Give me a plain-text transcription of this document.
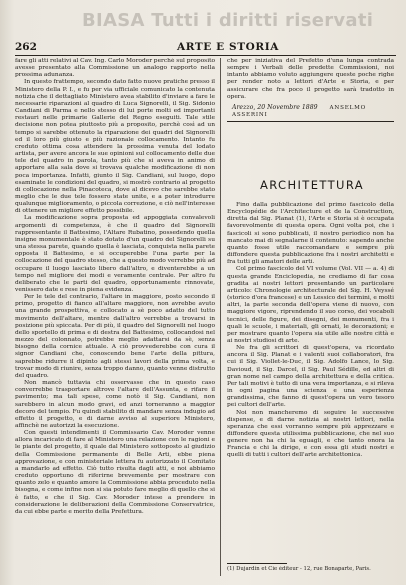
BIASA Tutti i diritti riservati
262	ARTE E STORIA

fare gli atti relativi al Cav. Ing. Carlo Moroder perchè sul proposito avesse presentato alla Commissione un analogo rapporto nella prossima adunanza.

In questo frattempo, secondo dato fatto nuove pratiche presso il Ministero della P. I., e fu per via ufficiale comunicato la contenuta notizia che il dettagliato Ministero avea stabilito d'inviare a fare le necessarie riparazioni al quadro di Luca Signorelli, il Sig. Sidonio Candiani di Parma e nello stesso di lui porte molti ed importanti restauri nelle primarie Gallerie del Regno eseguiti. Tale stile decisione non potea piuttosto più a proposito, perchè così ad un tempo si sarebbe ottenuto la riparazione dei quadri del Signorelli ed il loro più giusto e più razionale collocamento. Intanto fu creduto ottima cosa attendere la prossima venuta del lodato artista, per avere ancora le sue opinioni sul collocamento delle due tele del quadro in parola, tanto più che si aveva in animo di apportare alla sala dove si trovava qualche modificazione di non poca importanza. Infatti, giunto il Sig. Candiani, sul luogo, dopo esaminate le condizioni del quadro, si mostrò contrario al progetto di collocazione nella Pinacoteca, dove al dicevo che sarebbe stato meglio che le due tele fossero state unite, e a poter introdurre qualunque miglioramento, o piccola correzione, e ciò nell'interesse di ottenere un migliore effetto possibile.

La modificazione sopra proposta ed appoggiata convalevoli argomenti di competenza, è che il quadro del Signorelli rappresentante il Battesimo, l'Altare Rubatino, possedendo quella insigne monumentale è stato dotato d'un quadro del Signorelli su una stessa parete, quando quella è lasciata, conquista nella parete opposta il Battesimo, e si occuperebbe l'una parte per la collocazione del quadro stesso, che a questo modo verrebbe più ad occupare il luogo lasciato libero dall'altro, e diventerebbe a un tempo nel migliore dei modi e veramente centrale. Per altro fu deliberato che le parti del quadro, opportunamente rinnovate, venissero date e rese in piena evidenza.

Per le tele del contrario, l'altare in maggiore, posto secondo il primo, progetto di fianco all'altare maggiore, non avrebbe avuto una grande prospettiva, e collocato a sè poco adatto del tutto movimento dell'altare, mentre dall'altro verrebbe a trovarsi in posizione più spiccata. Per di più, il quadro del Signorelli nel luogo dello sportello di prima e di destra del Battesimo, collocandosi nel mezzo del colonnato, potrebbe meglio adattarsi da sè, senza bisogno della cornice attuale. A ciò provvederebbe con cura il signor Candiani che, conoscendo bene l'arte della pittura, saprebbe ridurre il dipinto agli stessi lavori della prima volta, e trovar modo di riunire, senza troppo danno, quanto venne distrutto del quadro.

Non mancò tuttavia chi osservasse che in questo caso converrebbe trasportare altrove l'altare dell'Assunta, e rifare il pavimento; ma tali spese, come notò il Sig. Candiani, non sarebbero in alcun modo gravi, ed anzi torneranno a maggior decoro del tempio. Fu quindi stabilito di mandare senza indugio ad effetto il progetto, e di darne avviso al superiore Ministero, affinchè ne autorizzi la esecuzione.

Con questi intendimenti il Commissario Cav. Moroder venne allora incaricato di fare al Ministero una relazione con le ragioni e le piante del progetto, il quale dal Ministero sottoposto al giudizio della Commissione permanente di Belle Arti, ebbe piena approvazione, e con ministeriale lettera fu autorizzato il Comitato a mandarlo ad effetto. Ciò tutto risulta dagli atti, e noi abbiamo creduto opportuno di riferirne brevemente per mostrare con quanto zelo e quanto amore la Commissione abbia proceduto nella bisogna, e come infine non si sia potuto fare meglio di quello che si è fatto, e che il Sig. Cav. Moroder intese a prendere in considerazione le deliberazioni della Commissione Conservatrice, da cui ebbe parte e merito della Prefettura.

che per iniziativa del Prefetto d'una lunga contrada sempre i Verbali delle predette Commissioni, noi intanto abbiamo voluto aggiungere queste poche righe per render noto a lettori d'Arte e Storia, e per assicurare che fra poco il progetto sarà tradotto in opera.

Arezzo, 20 Novembre 1889 ANSELMO ASSERINI
ARCHITETTURA

Fino dalla pubblicazione del primo fascicolo della Encyclopédie de l'Architecture et de la Construction, diretta dal Sig. Planat (1), l'Arte e Storia si è occupata favorevolmente di questa opera. Ogni volta poi, che i fascicoli si sono pubblicati, il nostro periodico non ha mancato mai di segnalarne il contenuto: sapendo anche quanto fosse utile raccomandare e sempre più diffondere questa pubblicazione fra i nostri architetti e fra tutti gli amatori delle arti.

Col primo fascicolo del VI volume (Vol. VII — a. 4) di questa grande Enciclopedia, ne crediamo di far cosa gradita ai nostri lettori presentando un particolare articolo: Chronologie architecturale del Sig. H. Veyssé (storico d'ora francese) e un Lessico dei termini, e molti altri, la parte seconda dell'opera viene di nuovo, con maggiore vigore, riprendendo il suo corso, dei vocaboli tecnici, delle figure, dei disegni, dei monumenti, fra i quali le scuole, i materiali, gli ornati, le decorazioni; e per mostrare quanto l'opera sia utile alle nostre città e ai nostri studiosi di arte.

Ne fra gli scrittori di quest'opera, va ricordato ancora il Sig. Planat e i valenti suoi collaboratori, fra cui il Sig. Viollet-le-Duc, il Sig. Adolfo Lance, lo Sig. Davioud, il Sig. Darcel, il Sig. Paul Sédille, ed altri di gran nome nel campo della architettura e della critica. Per tali motivi è tutto di una vera importanza, e si rileva in ogni pagina una scienza e una esperienza grandissima, che fanno di quest'opera un vero tesoro pei cultori dell'arte.

Noi non mancheremo di seguire le successive dispense, e di darne notizia ai nostri lettori, nella speranza che essi vorranno sempre più apprezzare e diffondere questa utilissima pubblicazione, che nel suo genere non ha chi la eguagli, e che tanto onora la Francia e chi la dirige, e con essa gli studi nostri e quelli di tutti i cultori dell'arte architettonica.

(1) Dujardin et Cie éditeur - 12, rue Bonaparte, Paris.
